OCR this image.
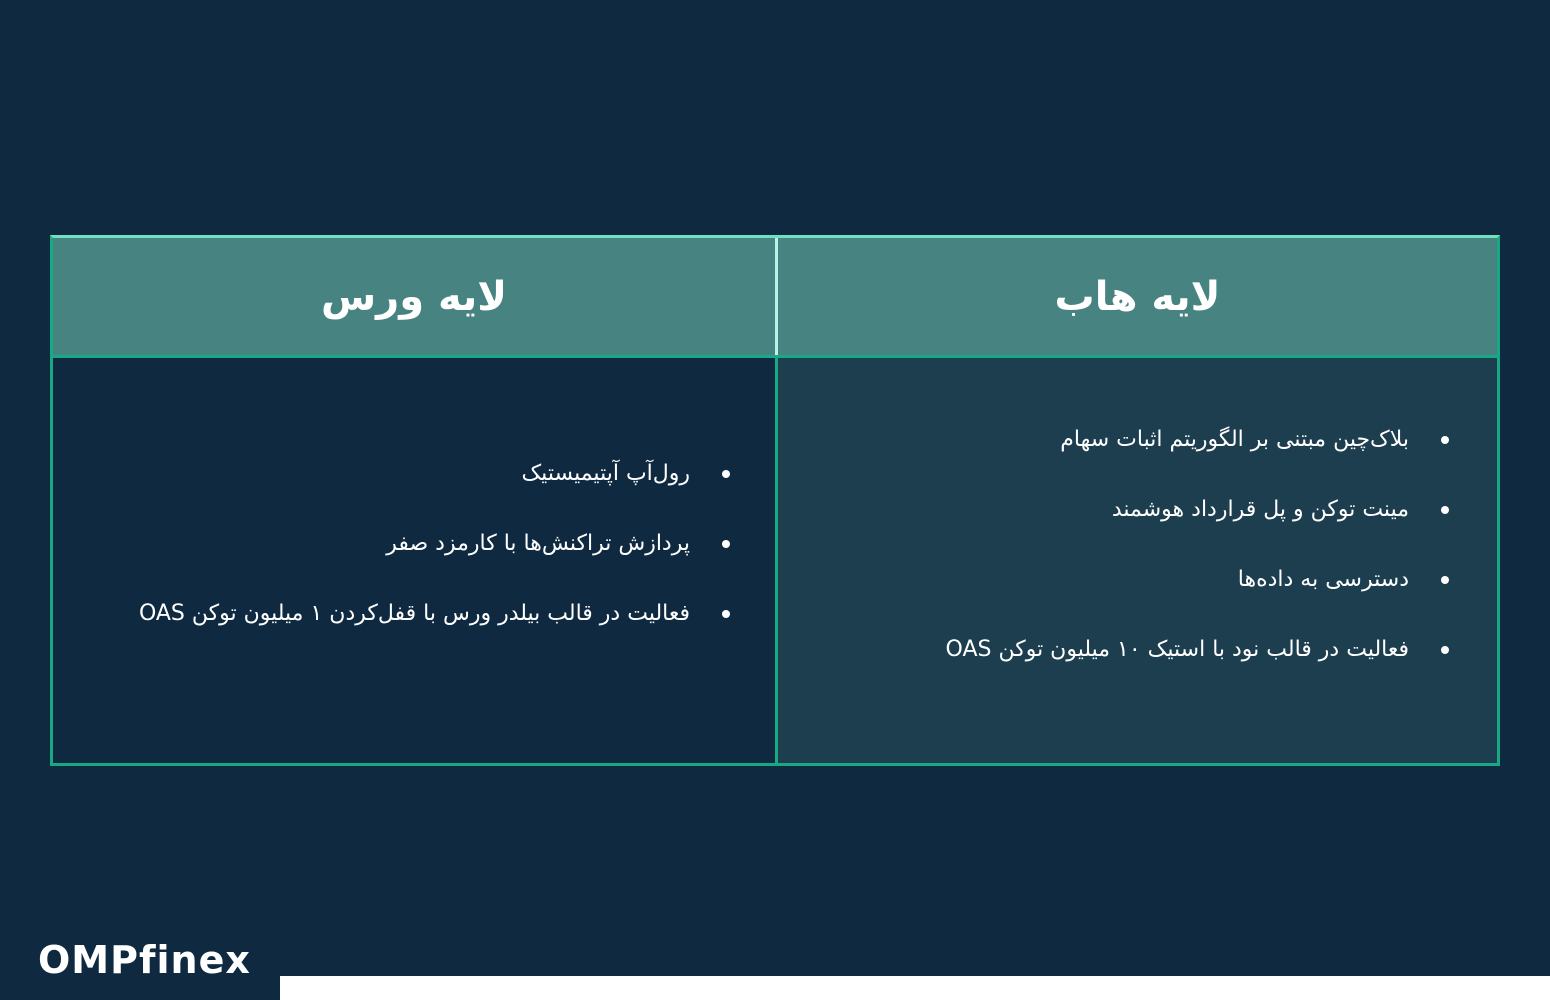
لایه هاب
بلاک‌چین مبتنی بر الگوریتم اثبات سهام
مینت توکن و پل قرارداد هوشمند
دسترسی به داده‌ها
فعالیت در قالب نود با استیک ۱۰ میلیون توکن OAS
لایه ورس
رول‌آپ آپتیمیستیک
پردازش تراکنش‌ها با کارمزد صفر
فعالیت در قالب بیلدر ورس با قفل‌کردن ۱ میلیون توکن OAS
OMPfinex
